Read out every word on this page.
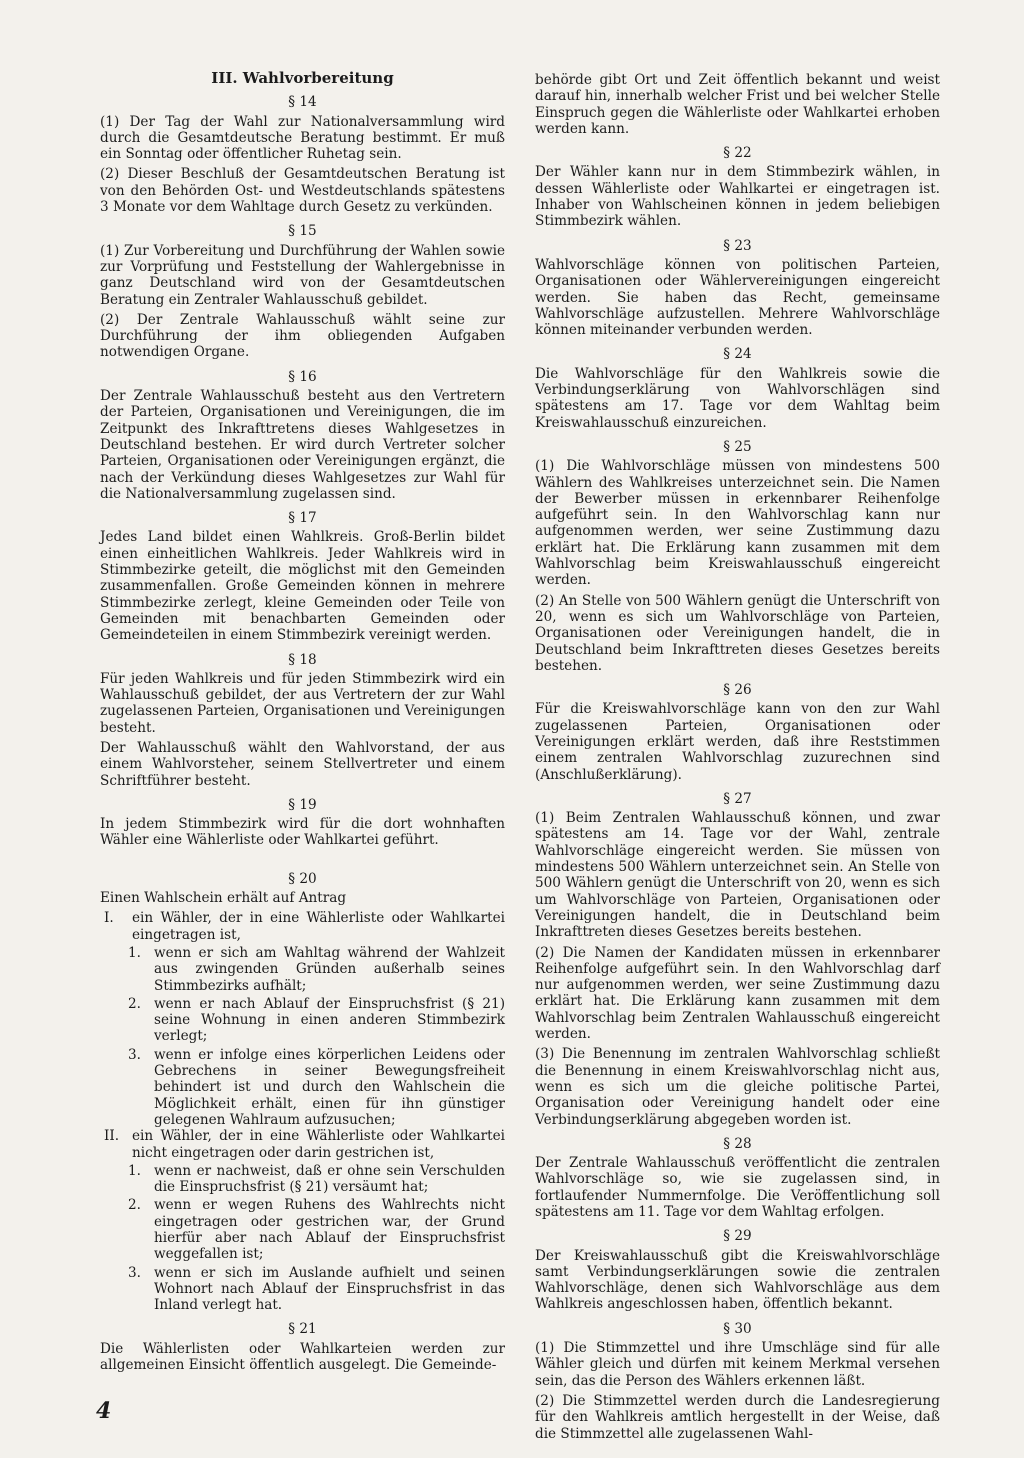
III. Wahlvorbereitung
§ 14

(1) Der Tag der Wahl zur Nationalversammlung wird durch die Gesamtdeutsche Beratung bestimmt. Er muß ein Sonntag oder öffentlicher Ruhetag sein.

(2) Dieser Beschluß der Gesamtdeutschen Beratung ist von den Behörden Ost- und Westdeutschlands spätestens 3 Monate vor dem Wahltage durch Gesetz zu verkünden.

§ 15

(1) Zur Vorbereitung und Durchführung der Wahlen sowie zur Vorprüfung und Feststellung der Wahlergebnisse in ganz Deutschland wird von der Gesamtdeutschen Beratung ein Zentraler Wahlausschuß gebildet.

(2) Der Zentrale Wahlausschuß wählt seine zur Durchführung der ihm obliegenden Aufgaben notwendigen Organe.

§ 16

Der Zentrale Wahlausschuß besteht aus den Vertretern der Parteien, Organisationen und Vereinigungen, die im Zeitpunkt des Inkrafttretens dieses Wahlgesetzes in Deutschland bestehen. Er wird durch Vertreter solcher Parteien, Organisationen oder Vereinigungen ergänzt, die nach der Verkündung dieses Wahlgesetzes zur Wahl für die Nationalversammlung zugelassen sind.

§ 17

Jedes Land bildet einen Wahlkreis. Groß-Berlin bildet einen einheitlichen Wahlkreis. Jeder Wahlkreis wird in Stimmbezirke geteilt, die möglichst mit den Gemeinden zusammenfallen. Große Gemeinden können in mehrere Stimmbezirke zerlegt, kleine Gemeinden oder Teile von Gemeinden mit benachbarten Gemeinden oder Gemeindeteilen in einem Stimmbezirk vereinigt werden.

§ 18

Für jeden Wahlkreis und für jeden Stimmbezirk wird ein Wahlausschuß gebildet, der aus Vertretern der zur Wahl zugelassenen Parteien, Organisationen und Vereinigungen besteht.

Der Wahlausschuß wählt den Wahlvorstand, der aus einem Wahlvorsteher, seinem Stellvertreter und einem Schriftführer besteht.

§ 19

In jedem Stimmbezirk wird für die dort wohnhaften Wähler eine Wählerliste oder Wahlkartei geführt.

§ 20

Einen Wahlschein erhält auf Antrag

I.	ein Wähler, der in eine Wählerliste oder Wahlkartei eingetragen ist,
1. wenn er sich am Wahltag während der Wahlzeit aus zwingenden Gründen außerhalb seines Stimmbezirks aufhält;
2. wenn er nach Ablauf der Einspruchsfrist (§ 21) seine Wohnung in einen anderen Stimmbezirk verlegt;
3. wenn er infolge eines körperlichen Leidens oder Gebrechens in seiner Bewegungsfreiheit behindert ist und durch den Wahlschein die Möglichkeit erhält, einen für ihn günstiger gelegenen Wahlraum aufzusuchen;
II. ein Wähler, der in eine Wählerliste oder Wahlkartei nicht eingetragen oder darin gestrichen ist,
1. wenn er nachweist, daß er ohne sein Verschulden die Einspruchsfrist (§ 21) versäumt hat;
2. wenn er wegen Ruhens des Wahlrechts nicht eingetragen oder gestrichen war, der Grund hierfür aber nach Ablauf der Einspruchsfrist weggefallen ist;
3. wenn er sich im Auslande aufhielt und seinen Wohnort nach Ablauf der Einspruchsfrist in das Inland verlegt hat.
§ 21

Die Wählerlisten oder Wahlkarteien werden zur allgemeinen Einsicht öffentlich ausgelegt. Die Gemeinde-

behörde gibt Ort und Zeit öffentlich bekannt und weist darauf hin, innerhalb welcher Frist und bei welcher Stelle Einspruch gegen die Wählerliste oder Wahlkartei erhoben werden kann.

§ 22

Der Wähler kann nur in dem Stimmbezirk wählen, in dessen Wählerliste oder Wahlkartei er eingetragen ist. Inhaber von Wahlscheinen können in jedem beliebigen Stimmbezirk wählen.

§ 23

Wahlvorschläge können von politischen Parteien, Organisationen oder Wählervereinigungen eingereicht werden. Sie haben das Recht, gemeinsame Wahlvorschläge aufzustellen. Mehrere Wahlvorschläge können miteinander verbunden werden.

§ 24

Die Wahlvorschläge für den Wahlkreis sowie die Verbindungserklärung von Wahlvorschlägen sind spätestens am 17. Tage vor dem Wahltag beim Kreiswahlausschuß einzureichen.

§ 25

(1) Die Wahlvorschläge müssen von mindestens 500 Wählern des Wahlkreises unterzeichnet sein. Die Namen der Bewerber müssen in erkennbarer Reihenfolge aufgeführt sein. In den Wahlvorschlag kann nur aufgenommen werden, wer seine Zustimmung dazu erklärt hat. Die Erklärung kann zusammen mit dem Wahlvorschlag beim Kreiswahlausschuß eingereicht werden.

(2) An Stelle von 500 Wählern genügt die Unterschrift von 20, wenn es sich um Wahlvorschläge von Parteien, Organisationen oder Vereinigungen handelt, die in Deutschland beim Inkrafttreten dieses Gesetzes bereits bestehen.

§ 26

Für die Kreiswahlvorschläge kann von den zur Wahl zugelassenen Parteien, Organisationen oder Vereinigungen erklärt werden, daß ihre Reststimmen einem zentralen Wahlvorschlag zuzurechnen sind (Anschlußerklärung).

§ 27

(1) Beim Zentralen Wahlausschuß können, und zwar spätestens am 14. Tage vor der Wahl, zentrale Wahlvorschläge eingereicht werden. Sie müssen von mindestens 500 Wählern unterzeichnet sein. An Stelle von 500 Wählern genügt die Unterschrift von 20, wenn es sich um Wahlvorschläge von Parteien, Organisationen oder Vereinigungen handelt, die in Deutschland beim Inkrafttreten dieses Gesetzes bereits bestehen.

(2) Die Namen der Kandidaten müssen in erkennbarer Reihenfolge aufgeführt sein. In den Wahlvorschlag darf nur aufgenommen werden, wer seine Zustimmung dazu erklärt hat. Die Erklärung kann zusammen mit dem Wahlvorschlag beim Zentralen Wahlausschuß eingereicht werden.

(3) Die Benennung im zentralen Wahlvorschlag schließt die Benennung in einem Kreiswahlvorschlag nicht aus, wenn es sich um die gleiche politische Partei, Organisation oder Vereinigung handelt oder eine Verbindungserklärung abgegeben worden ist.

§ 28

Der Zentrale Wahlausschuß veröffentlicht die zentralen Wahlvorschläge so, wie sie zugelassen sind, in fortlaufender Nummernfolge. Die Veröffentlichung soll spätestens am 11. Tage vor dem Wahltag erfolgen.

§ 29

Der Kreiswahlausschuß gibt die Kreiswahlvorschläge samt Verbindungserklärungen sowie die zentralen Wahlvorschläge, denen sich Wahlvorschläge aus dem Wahlkreis angeschlossen haben, öffentlich bekannt.

§ 30

(1) Die Stimmzettel und ihre Umschläge sind für alle Wähler gleich und dürfen mit keinem Merkmal versehen sein, das die Person des Wählers erkennen läßt.

(2) Die Stimmzettel werden durch die Landesregierung für den Wahlkreis amtlich hergestellt in der Weise, daß die Stimmzettel alle zugelassenen Wahl-

4
